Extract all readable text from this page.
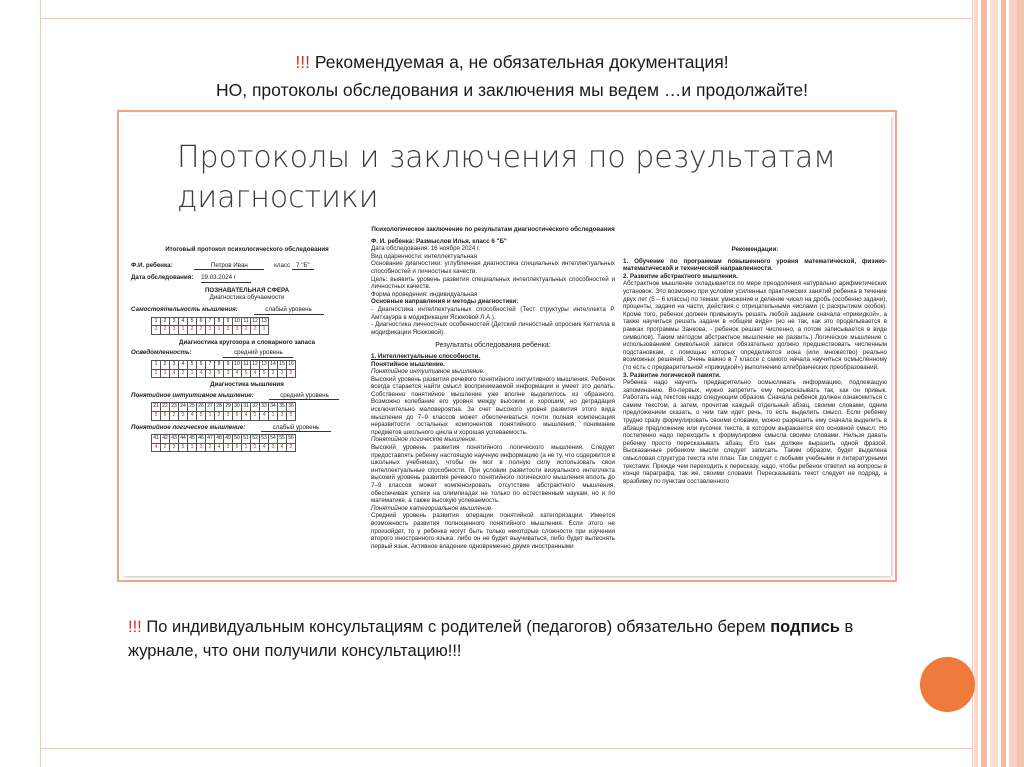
!!! Рекомендуемая а, не обязательная документация!
НО, протоколы обследования и заключения мы ведем …и продолжайте!
Протоколы и заключения по результатам диагностики
Итоговый протокол психологического обследования
Ф.И. ребенка:	Петров Иван	класс 7 "Б"
Дата обследования: 19.03.2024 г
ПОЗНАВАТЕЛЬНАЯ СФЕРА
Диагностика обучаемости
Самостоятельность мышления:	слабый уровень
1	2	3	4	5	6	7	8	9	10	11	12	13
2	2	3	1	2	2	1	1	3	3	2	2	1
Диагностика кругозора и словарного запаса
Осведомленность:	средний уровень
1	2	3	4	5	6	7	8	9	10	11	12	13	14	15	16
2	1	4	2	1	4	3	5	3	4	5	4	5	2	3	2
Диагностика мышления
Понятийное интуитивное мышление:	средний уровень
21	22	23	24	25	26	27	28	29	30	31	32	33	34	35	36
5	5	2	3	4	5	1	2	3	5	4	2	4	1	3	5
Понятийное логическое мышление:	слабый уровень
41	42	43	44	45	46	47	48	49	50	51	52	53	54	55	56
4	2	3	5	1	3	2	4	3	5	1	2	4	3	4	2
Психологическое заключение по результатам диагностического обследования
Ф. И. ребенка: Размыслов Илья, класс 6 "Б"
Дата обследования: 16 ноября 2024 г.
Вид одаренности: интеллектуальная

Основание диагностики: углубленная диагностика специальных интеллектуальных способностей и личностных качеств.

Цель: выявить уровень развития специальных интеллектуальных способностей и личностных качеств.

Форма проведения: индивидуальная
Основные направления и методы диагностики:

- Диагностика интеллектуальных способностей (Тест структуры интеллекта Р. Амтхауэра в модификации Ясюковой Л.А.).

- Диагностика личностных особенностей (Детский личностный опросник Кеттелла в модификации Ясюковой).

Результаты обследования ребенка:
1. Интеллектуальные способности.
Понятийное мышление.
Понятийное интуитивное мышление.

Высокий уровень развития речевого понятийного интуитивного мышления. Ребенок всегда старается найти смысл воспринимаемой информации и умеет это делать. Собственно понятийное мышление уже вполне выделилось из образного. Возможно колебание его уровня между высоким и хорошим, но деградация исключительно маловероятна. За счет высокого уровня развития этого вида мышления до 7–9 классов может обеспечиваться почти полная компенсация неразвитости остальных компонентов понятийного мышления, понимание предметов школьного цикла и хорошая успеваемость.

Понятийное логическое мышление.

Высокий уровень развития понятийного логического мышления. Следует предоставлять ребенку настоящую научную информацию (а не ту, что содержится в школьных учебниках), чтобы он мог в полную силу использовать свои интеллектуальные способности. При условии развитости визуального интеллекта высокий уровень развития речевого понятийного логического мышления вплоть до 7–9 классов может компенсировать отсутствие абстрактного мышления, обеспечивая успехи на олимпиадах не только по естественным наукам, но и по математике, а также высокую успеваемость.

Понятийное категориальное мышление.

Средний уровень развития операции понятийной категоризации. Имеется возможность развития полноценного понятийного мышления. Если этого не произойдет, то у ребенка могут быть только некоторые сложности при изучении второго иностранного языка: либо он не будет выучиваться, либо будет вытеснять первый язык. Активное владение одновременно двумя иностранными

Рекомендации:

1. Обучение по программам повышенного уровня математической, физико-математической и технической направленности.

2. Развитие абстрактного мышления.

Абстрактное мышление складывается по мере преодоления натурально арифметических установок. Это возможно при условии усиленных практических занятий ребенка в течение двух лет (5 – 6 классы) по темам: умножение и деление чисел на дробь (особенно задачи), проценты, задачи на части, действия с отрицательными числами (с раскрытием скобок). Кроме того, ребенок должен привыкнуть решать любой задание сначала «прикидкой», а также научиться решать задачи в «общем виде» (но не так, как это проделывается в рамках программы Занкова, - ребенок решает численно, а потом записывается в виде символов). Таким методом абстрактное мышление не развить.) Логическое мышление с использованием символьной записи обязательно должно предшествовать численным подстановкам, с помощью которых определяются иона (или множество) реально возможных решений. Очень важно в 7 классе с самого начала научиться осмысленному (то есть с предварительной «прикидкой») выполнению алгебраических преобразований.

3. Развитие логической памяти.

Ребенка надо научить предварительно осмысливать информацию, подлежащую запоминанию. Во-первых, нужно запретить ему пересказывать так, как он привык. Работать над текстом надо следующим образом. Сначала ребенок должен ознакомиться с самим текстом, а затем, прочитав каждый отдельный абзац, своими словами, одним предложением сказать, о чем там идет речь, то есть выделить смысл. Если ребенку трудно сразу формулировать своими словами, можно разрешить ему сначала выделить в абзаце предложение или кусочек текста, в котором выражается его основной смысл. Но постепенно надо переходить к формулировке смысла своими словами. Нельзя давать ребенку просто пересказывать абзац. Его сын должен выразить одной фразой. Высказанные ребенком мысли следует записать. Таким образом, будет выделена смысловая структура текста или план. Так следует с любыми учебными и литературными текстами. Прежде чем переходить к пересказу, надо, чтобы ребенок ответил на вопросы в конце параграфа, так же, своими словами. Пересказывать текст следует не подряд, а вразбивку по пунктам составленного

!!! По индивидуальным консультациям с родителей (педагогов) обязательно берем подпись в журнале, что они получили консультацию!!!
